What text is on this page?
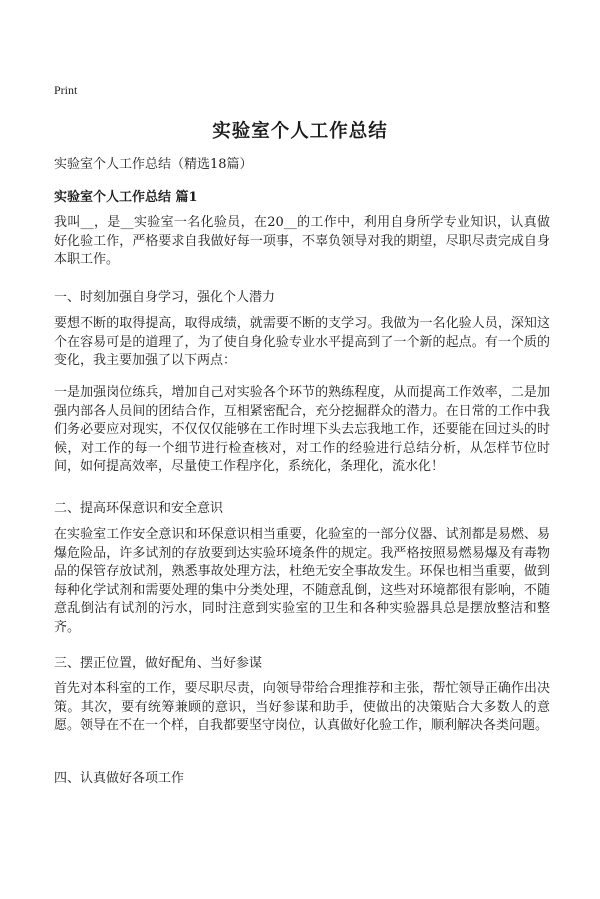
Print
实验室个人工作总结
实验室个人工作总结（精选18篇）
实验室个人工作总结 篇1
我叫__，是__实验室一名化验员，在20__的工作中，利用自身所学专业知识，认真做好化验工作，严格要求自我做好每一项事，不辜负领导对我的期望，尽职尽责完成自身本职工作。
一、时刻加强自身学习，强化个人潜力
要想不断的取得提高，取得成绩，就需要不断的支学习。我做为一名化验人员，深知这个在容易可是的道理了，为了使自身化验专业水平提高到了一个新的起点。有一个质的变化，我主要加强了以下两点：
一是加强岗位练兵，增加自己对实验各个环节的熟练程度，从而提高工作效率，二是加强内部各人员间的团结合作，互相紧密配合，充分挖掘群众的潜力。在日常的工作中我们务必要应对现实，不仅仅仅能够在工作时埋下头去忘我地工作，还要能在回过头的时候，对工作的每一个细节进行检查核对，对工作的经验进行总结分析，从怎样节位时间，如何提高效率，尽量使工作程序化，系统化，条理化，流水化！
二、提高环保意识和安全意识
在实验室工作安全意识和环保意识相当重要，化验室的一部分仪器、试剂都是易燃、易爆危险品，许多试剂的存放要到达实验环境条件的规定。我严格按照易燃易爆及有毒物品的保管存放试剂，熟悉事故处理方法，杜绝无安全事故发生。环保也相当重要，做到每种化学试剂和需要处理的集中分类处理，不随意乱倒，这些对环境都很有影响，不随意乱倒沾有试剂的污水，同时注意到实验室的卫生和各种实验器具总是摆放整洁和整齐。
三、摆正位置，做好配角、当好参谋
首先对本科室的工作，要尽职尽责，向领导带给合理推荐和主张，帮忙领导正确作出决策。其次，要有统筹兼顾的意识，当好参谋和助手，使做出的决策贴合大多数人的意愿。领导在不在一个样，自我都要坚守岗位，认真做好化验工作，顺利解决各类问题。
四、认真做好各项工作
